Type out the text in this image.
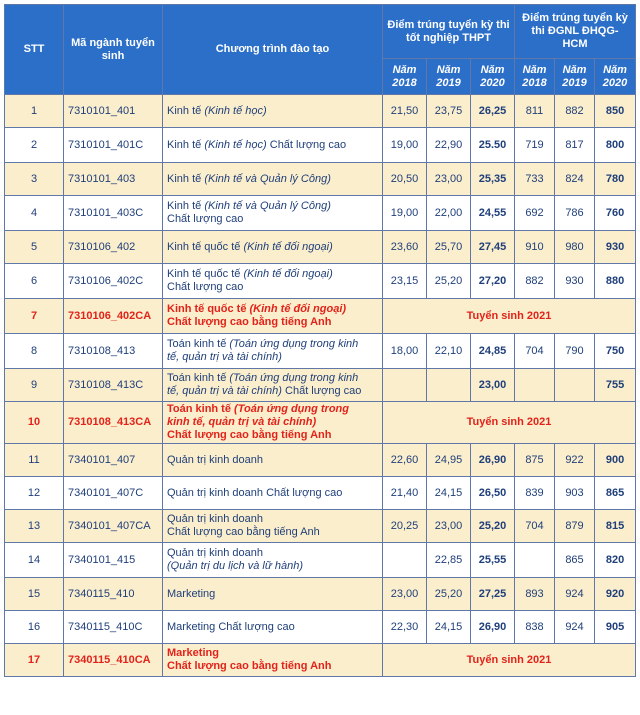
STT	Mã ngành tuyển sinh	Chương trình đào tạo	Điểm trúng tuyển kỳ thi tốt nghiệp THPT			Điểm trúng tuyển kỳ thi ĐGNL ĐHQG-HCM		
			Năm 2018	Năm 2019	Năm 2020	Năm 2018	Năm 2019	Năm 2020
1	7310101_401	Kinh tế (Kinh tế học)	21,50	23,75	26,25	811	882	850
2	7310101_401C	Kinh tế (Kinh tế học) Chất lượng cao	19,00	22,90	25.50	719	817	800
3	7310101_403	Kinh tế (Kinh tế và Quản lý Công)	20,50	23,00	25,35	733	824	780
4	7310101_403C	Kinh tế (Kinh tế và Quản lý Công)
Chất lượng cao	19,00	22,00	24,55	692	786	760
5	7310106_402	Kinh tế quốc tế (Kinh tế đối ngoại)	23,60	25,70	27,45	910	980	930
6	7310106_402C	Kinh tế quốc tế (Kinh tế đối ngoại)
Chất lượng cao	23,15	25,20	27,20	882	930	880
7	7310106_402CA	Kinh tế quốc tế (Kinh tế đối ngoại)
Chất lượng cao bằng tiếng Anh	Tuyển sinh 2021					
8	7310108_413	Toán kinh tế (Toán ứng dụng trong kinh
tế, quản trị và tài chính)	18,00	22,10	24,85	704	790	750
9	7310108_413C	Toán kinh tế (Toán ứng dụng trong kinh
tế, quản trị và tài chính) Chất lượng cao			23,00			755
10	7310108_413CA	Toán kinh tế (Toán ứng dụng trong
kinh tế, quản trị và tài chính)
Chất lượng cao bằng tiếng Anh	Tuyển sinh 2021					
11	7340101_407	Quản trị kinh doanh	22,60	24,95	26,90	875	922	900
12	7340101_407C	Quản trị kinh doanh Chất lượng cao	21,40	24,15	26,50	839	903	865
13	7340101_407CA	Quản trị kinh doanh
Chất lượng cao bằng tiếng Anh	20,25	23,00	25,20	704	879	815
14	7340101_415	Quản trị kinh doanh
(Quản trị du lịch và lữ hành)		22,85	25,55		865	820
15	7340115_410	Marketing	23,00	25,20	27,25	893	924	920
16	7340115_410C	Marketing Chất lượng cao	22,30	24,15	26,90	838	924	905
17	7340115_410CA	Marketing
Chất lượng cao bằng tiếng Anh	Tuyển sinh 2021					
